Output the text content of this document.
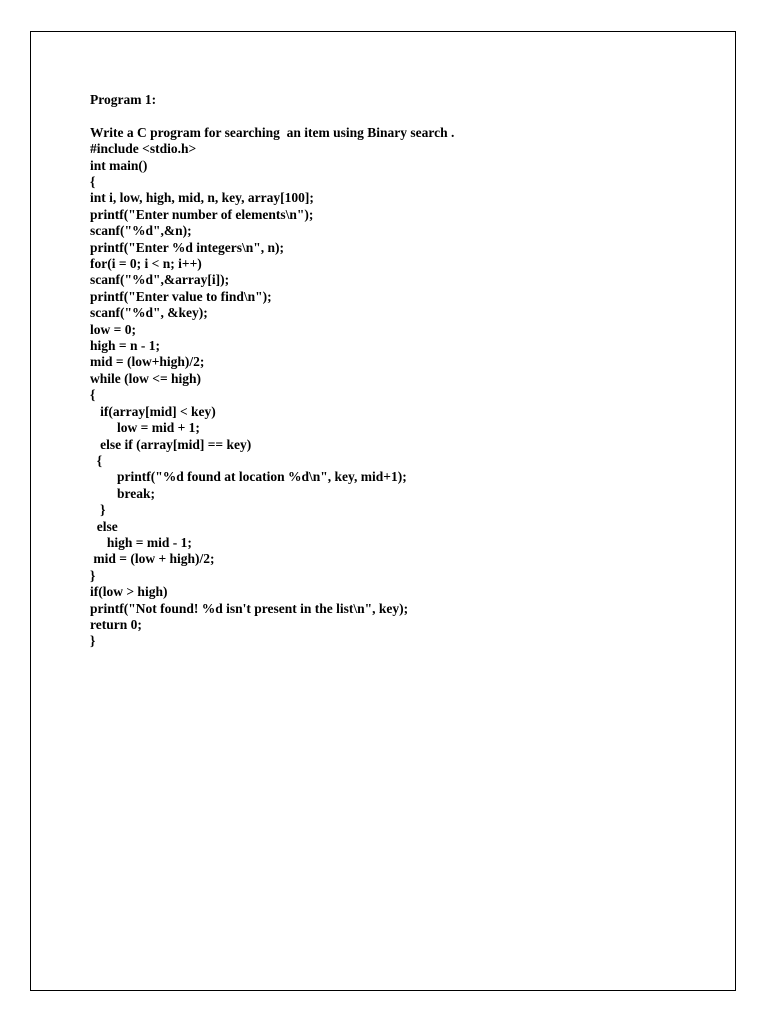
Program 1:
Write a C program for searching  an item using Binary search .
#include <stdio.h>
int main()
{
int i, low, high, mid, n, key, array[100];
printf("Enter number of elements\n");
scanf("%d",&n);
printf("Enter %d integers\n", n);
for(i = 0; i < n; i++)
scanf("%d",&array[i]);
printf("Enter value to find\n");
scanf("%d", &key);
low = 0;
high = n - 1;
mid = (low+high)/2;
while (low <= high)
{
if(array[mid] < key)
low = mid + 1;
else if (array[mid] == key)
{
printf("%d found at location %d\n", key, mid+1);
break;
}
else
high = mid - 1;
mid = (low + high)/2;
}
if(low > high)
printf("Not found! %d isn't present in the list\n", key);
return 0;
}
